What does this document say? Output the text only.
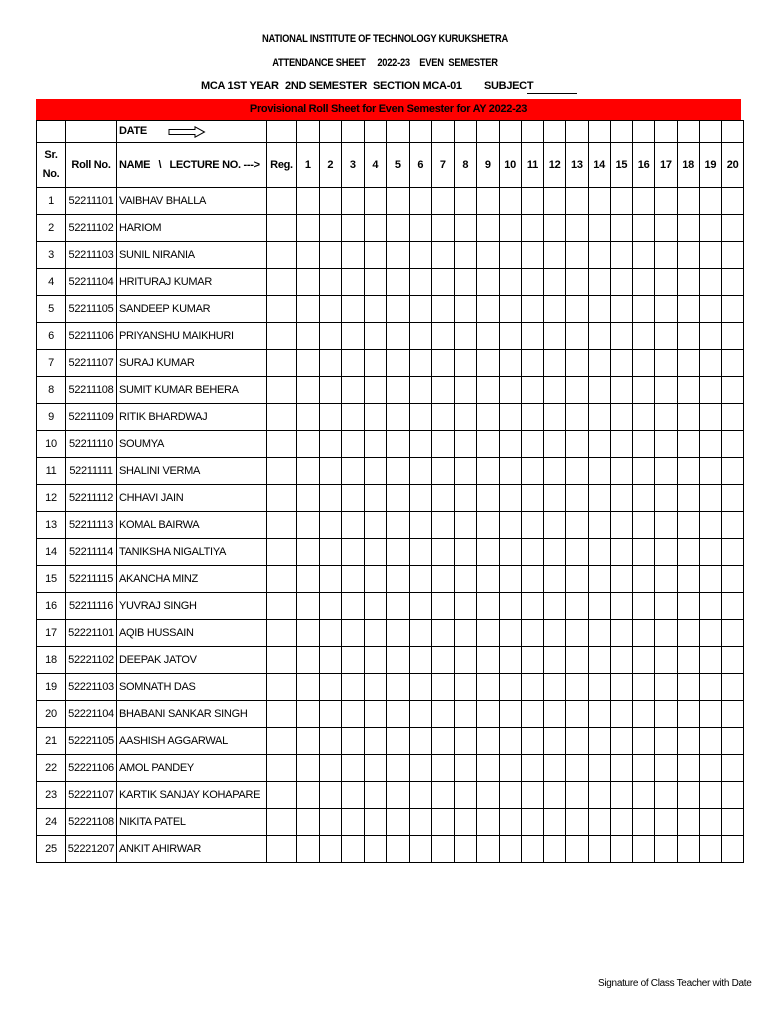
NATIONAL INSTITUTE OF TECHNOLOGY KURUKSHETRA
ATTENDANCE SHEET     2022-23    EVEN  SEMESTER
MCA 1ST YEAR 2ND SEMESTER SECTION MCA-01 SUBJECT
Provisional Roll Sheet for Even Semester for AY 2022-23
		DATE																					
Sr. No.	Roll No.	NAME   \   LECTURE NO. --->	Reg.	1	2	3	4	5	6	7	8	9	10	11	12	13	14	15	16	17	18	19	20
1	52211101	VAIBHAV BHALLA																					
2	52211102	HARIOM																					
3	52211103	SUNIL NIRANIA																					
4	52211104	HRITURAJ KUMAR																					
5	52211105	SANDEEP KUMAR																					
6	52211106	PRIYANSHU MAIKHURI																					
7	52211107	SURAJ KUMAR																					
8	52211108	SUMIT KUMAR BEHERA																					
9	52211109	RITIK BHARDWAJ																					
10	52211110	SOUMYA																					
11	52211111	SHALINI VERMA																					
12	52211112	CHHAVI JAIN																					
13	52211113	KOMAL BAIRWA																					
14	52211114	TANIKSHA NIGALTIYA																					
15	52211115	AKANCHA MINZ																					
16	52211116	YUVRAJ SINGH																					
17	52221101	AQIB HUSSAIN																					
18	52221102	DEEPAK JATOV																					
19	52221103	SOMNATH DAS																					
20	52221104	BHABANI SANKAR SINGH																					
21	52221105	AASHISH AGGARWAL																					
22	52221106	AMOL PANDEY																					
23	52221107	KARTIK SANJAY KOHAPARE																					
24	52221108	NIKITA PATEL																					
25	52221207	ANKIT AHIRWAR																					
Signature of Class Teacher with Date
